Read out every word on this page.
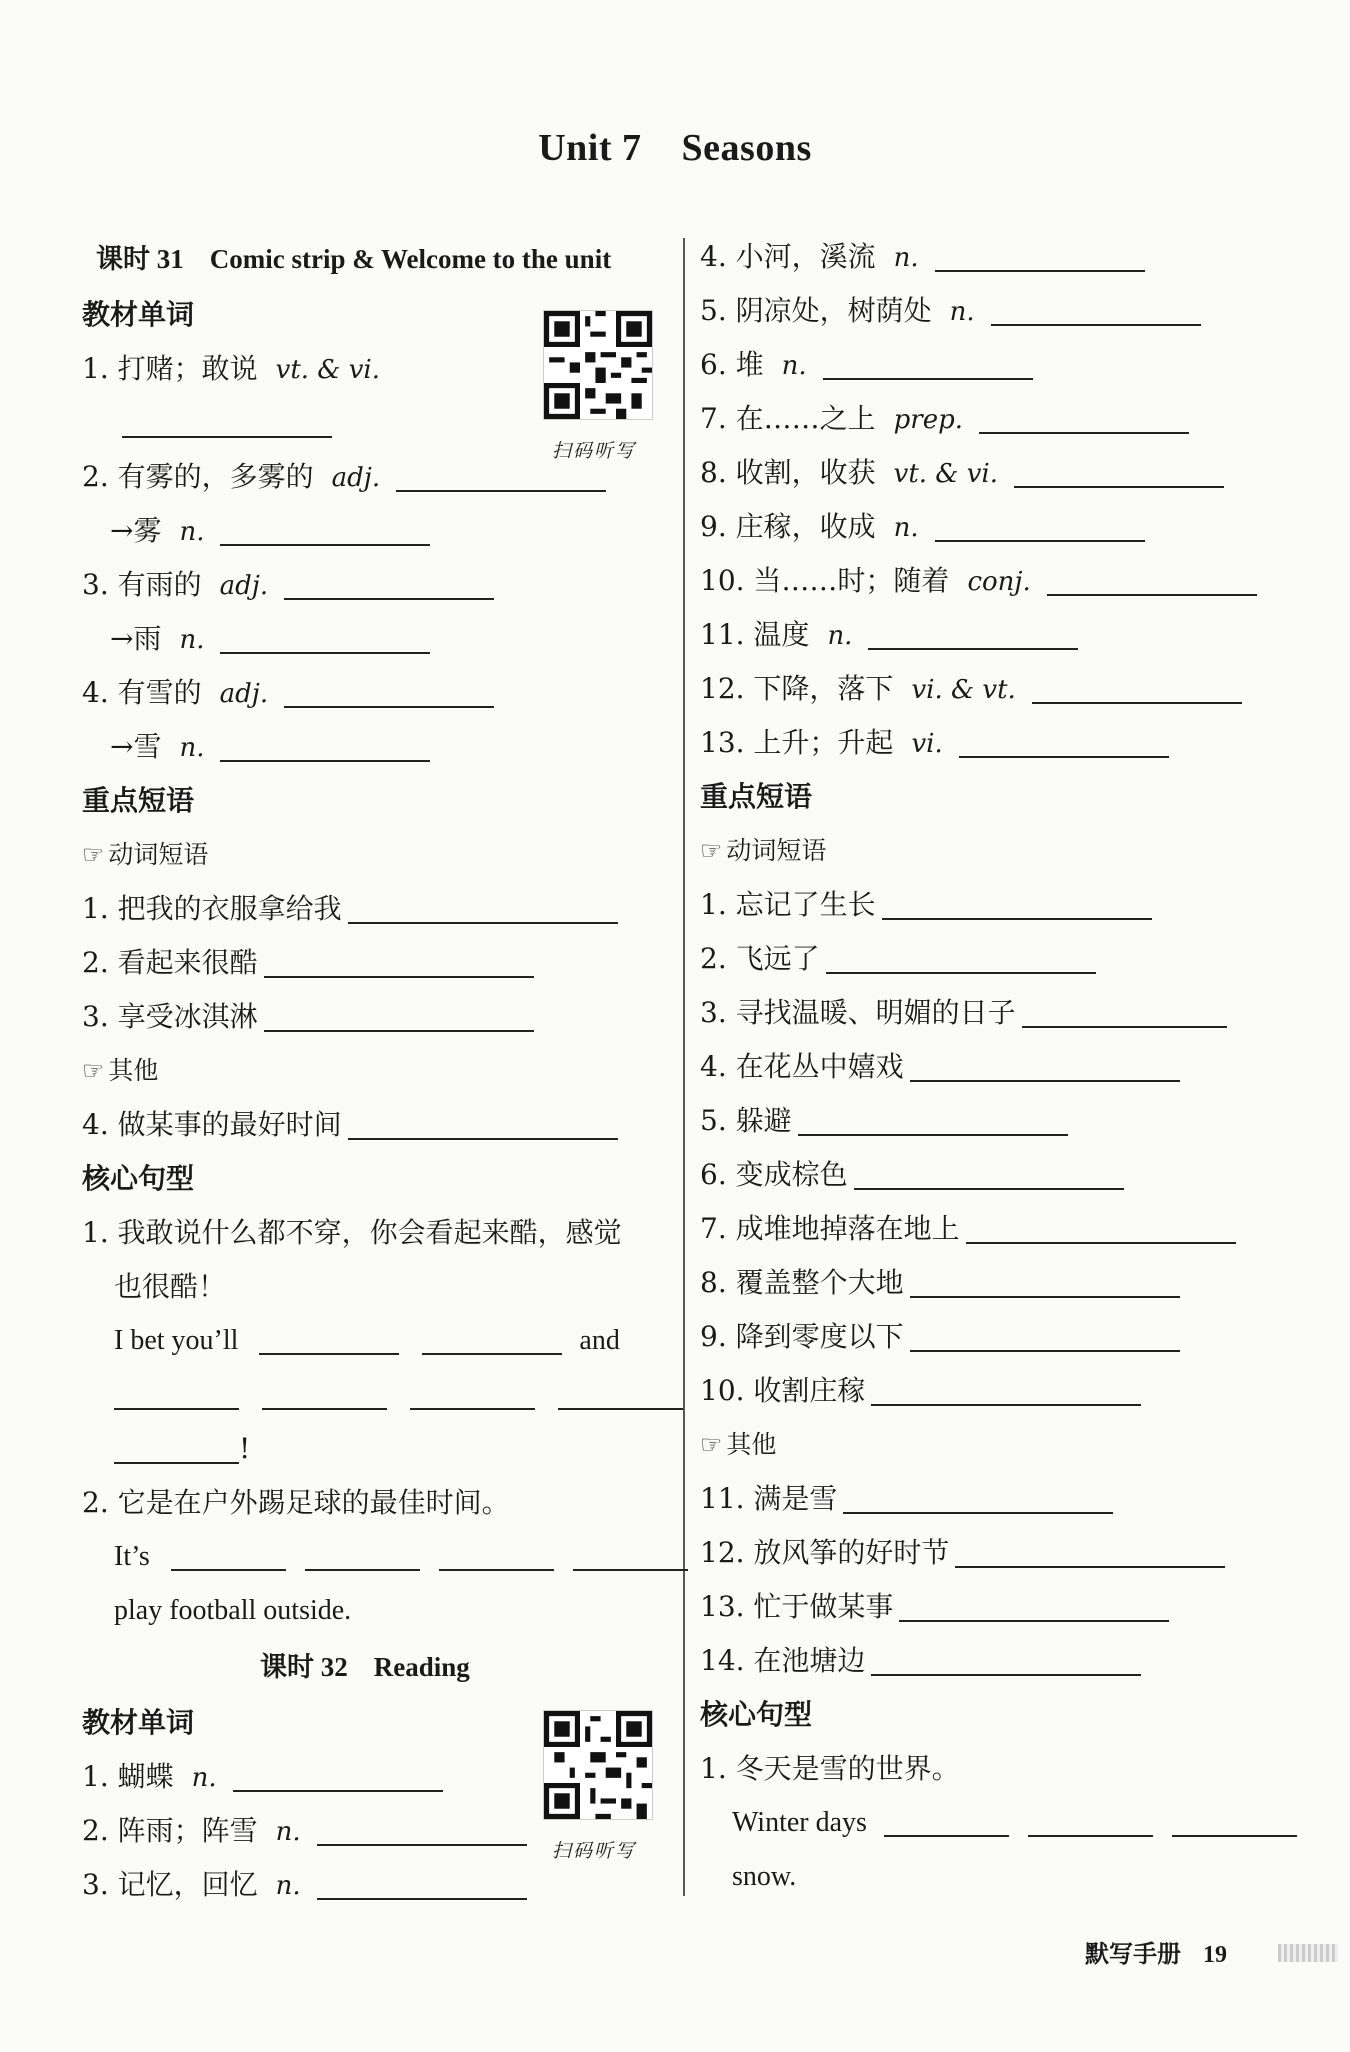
Unit 7 Seasons
课时 31 Comic strip & Welcome to the unit
教材单词
1. 打赌；敢说 vt. & vi.
2. 有雾的，多雾的 adj.
→雾 n.
3. 有雨的 adj.
→雨 n.
4. 有雪的 adj.
→雪 n.
重点短语
☞ 动词短语
1. 把我的衣服拿给我
2. 看起来很酷
3. 享受冰淇淋
☞ 其他
4. 做某事的最好时间
核心句型
1. 我敢说什么都不穿，你会看起来酷，感觉
也很酷！
I bet you’ll	and

!
2. 它是在户外踢足球的最佳时间。
It’s
play football outside.
课时 32 Reading
教材单词
1. 蝴蝶 n.
2. 阵雨；阵雪 n.
3. 记忆，回忆 n.
扫码听写
扫码听写
4. 小河，溪流 n.
5. 阴凉处，树荫处 n.
6. 堆 n.
7. 在……之上 prep.
8. 收割，收获 vt. & vi.
9. 庄稼，收成 n.
10. 当……时；随着 conj.
11. 温度 n.
12. 下降，落下 vi. & vt.
13. 上升；升起 vi.
重点短语
☞ 动词短语
1. 忘记了生长
2. 飞远了
3. 寻找温暖、明媚的日子
4. 在花丛中嬉戏
5. 躲避
6. 变成棕色
7. 成堆地掉落在地上
8. 覆盖整个大地
9. 降到零度以下
10. 收割庄稼
☞ 其他
11. 满是雪
12. 放风筝的好时节
13. 忙于做某事
14. 在池塘边
核心句型
1. 冬天是雪的世界。
Winter days
snow.
默写手册 19
